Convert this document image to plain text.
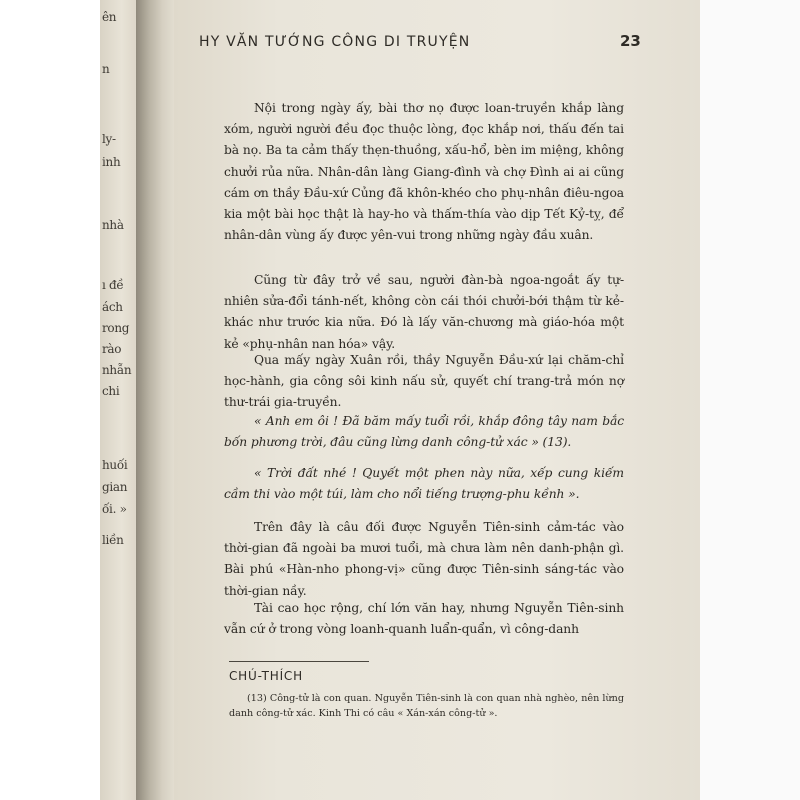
ên
n
ly-
inh
nhà
ı đề
ách
rong
rào
nhẫn
chi
huối
gian
ối. »
liền
HY VĂN TƯỚNG CÔNG DI TRUYỆN	23

Nội trong ngày ấy, bài thơ nọ được loan-truyền khắp làng xóm, người người đều đọc thuộc lòng, đọc khắp nơi, thấu đến tai bà nọ. Ba ta cảm thấy thẹn-thuồng, xấu-hổ, bèn im miệng, không chưởi rủa nữa. Nhân-dân làng Giang-đình và chợ Đình ai ai cũng cám ơn thầy Đầu-xứ Củng đã khôn-khéo cho phụ-nhân điêu-ngoa kia một bài học thật là hay-ho và thấm-thía vào dịp Tết Kỷ-tỵ, để nhân-dân vùng ấy được yên-vui trong những ngày đầu xuân.

Cũng từ đây trở về sau, người đàn-bà ngoa-ngoắt ấy tự-nhiên sửa-đổi tánh-nết, không còn cái thói chưởi-bới thậm từ kẻ-khác như trước kia nữa. Đó là lấy văn-chương mà giáo-hóa một kẻ «phụ-nhân nan hóa» vậy.

Qua mấy ngày Xuân rồi, thầy Nguyễn Đầu-xứ lại chăm-chỉ học-hành, gia công sôi kinh nấu sử, quyết chí trang-trả món nợ thư-trái gia-truyền.

« Anh em ôi ! Đã băm mấy tuổi rồi, khắp đông tây nam bắc bốn phương trời, đâu cũng lừng danh công-tử xác » (13).

« Trời đất nhé ! Quyết một phen này nữa, xếp cung kiếm cầm thi vào một túi, làm cho nổi tiếng trượng-phu kềnh ».

Trên đây là câu đối được Nguyễn Tiên-sinh cảm-tác vào thời-gian đã ngoài ba mươi tuổi, mà chưa làm nên danh-phận gì. Bài phú «Hàn-nho phong-vị» cũng được Tiên-sinh sáng-tác vào thời-gian nầy.

Tài cao học rộng, chí lớn văn hay, nhưng Nguyễn Tiên-sinh vẫn cứ ở trong vòng loanh-quanh luẩn-quẩn, vì công-danh

CHÚ-THÍCH

(13) Công-tử là con quan. Nguyễn Tiên-sinh là con quan nhà nghèo, nên lừng danh công-tử xác. Kinh Thi có câu « Xán-xán công-tử ».
